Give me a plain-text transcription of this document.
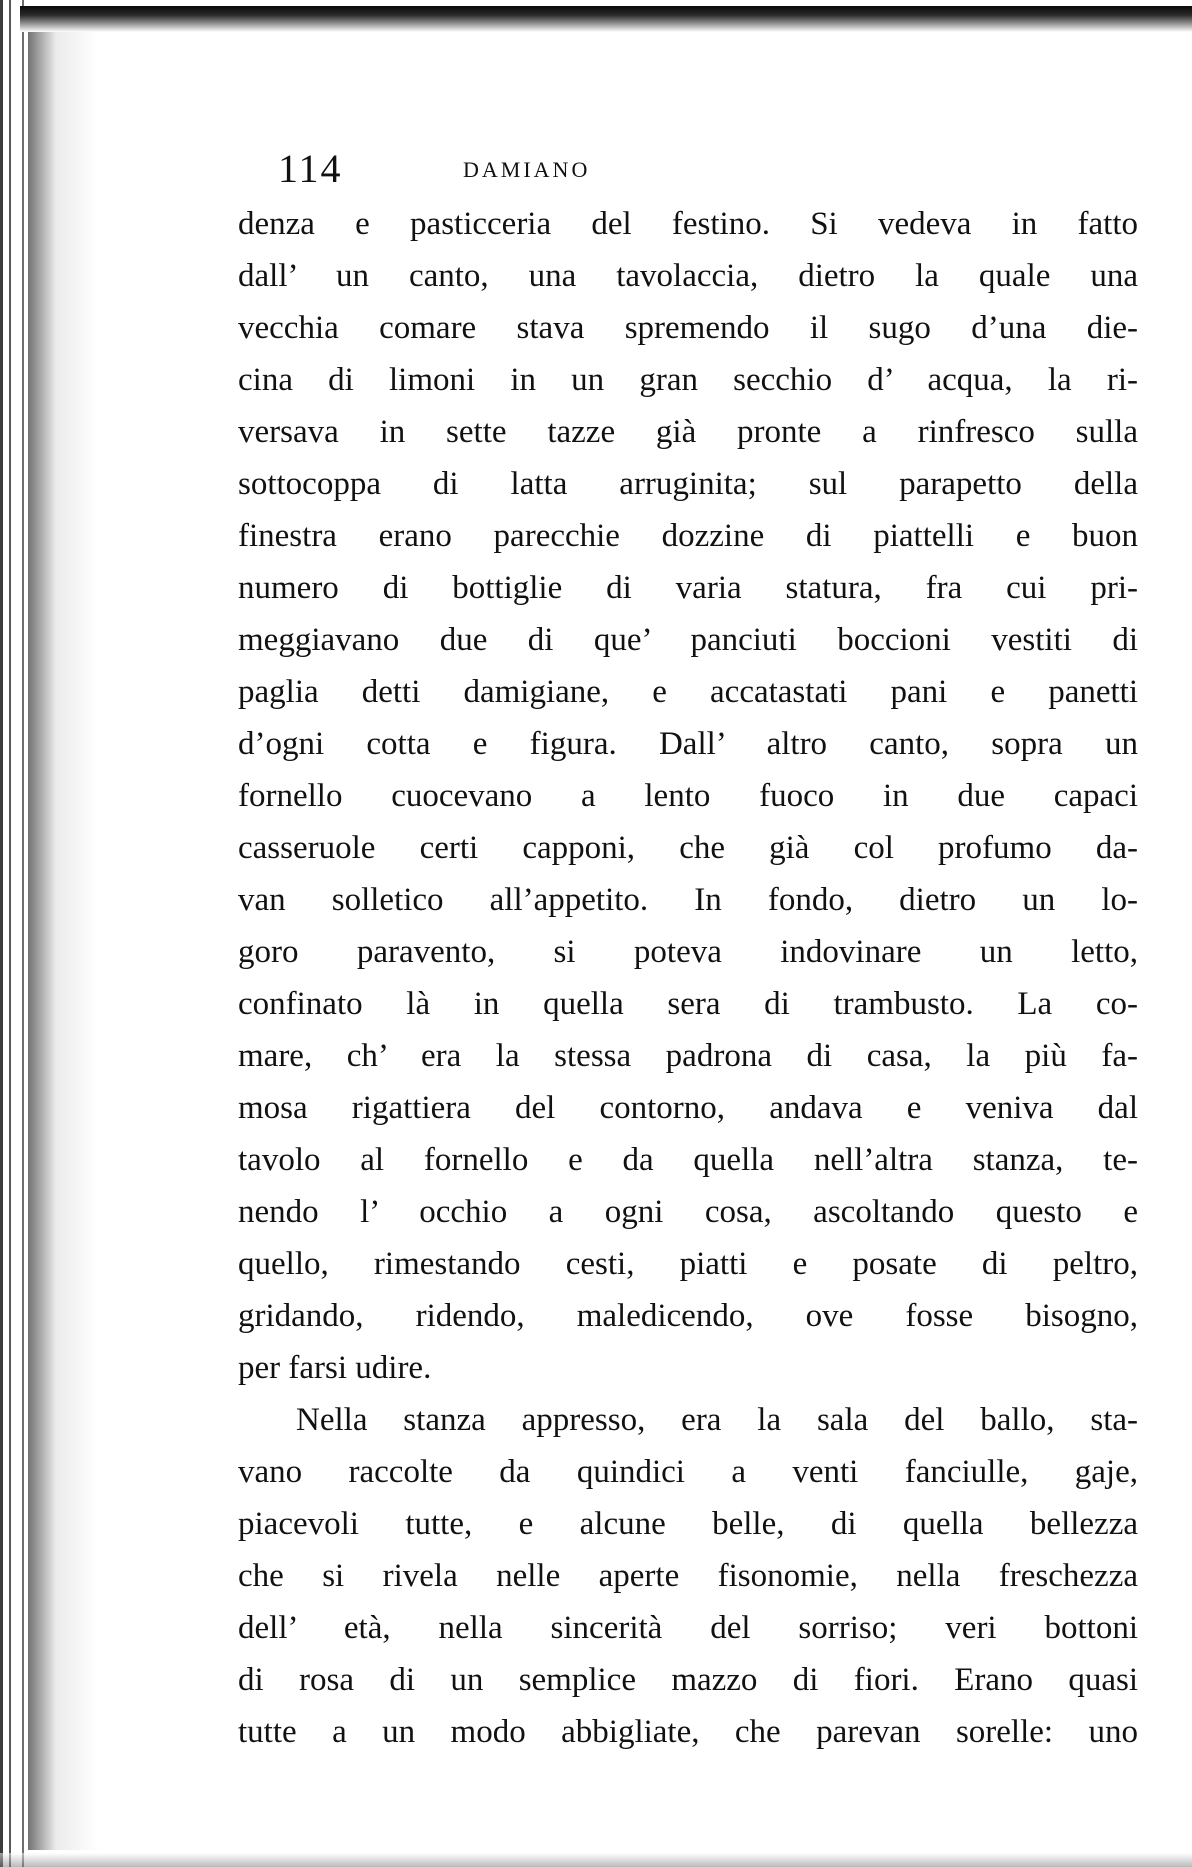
114	DAMIANO
denza e pasticceria del festino. Si vedeva in fatto
dall’ un canto, una tavolaccia, dietro la quale una
vecchia comare stava spremendo il sugo d’una die-
cina di limoni in un gran secchio d’ acqua, la ri-
versava in sette tazze già pronte a rinfresco sulla
sottocoppa di latta arruginita; sul parapetto della
finestra erano parecchie dozzine di piattelli e buon
numero di bottiglie di varia statura, fra cui pri-
meggiavano due di que’ panciuti boccioni vestiti di
paglia detti damigiane, e accatastati pani e panetti
d’ogni cotta e figura. Dall’ altro canto, sopra un
fornello cuocevano a lento fuoco in due capaci
casseruole certi capponi, che già col profumo da-
van solletico all’appetito. In fondo, dietro un lo-
goro paravento, si poteva indovinare un letto,
confinato là in quella sera di trambusto. La co-
mare, ch’ era la stessa padrona di casa, la più fa-
mosa rigattiera del contorno, andava e veniva dal
tavolo al fornello e da quella nell’altra stanza, te-
nendo l’ occhio a ogni cosa, ascoltando questo e
quello, rimestando cesti, piatti e posate di peltro,
gridando, ridendo, maledicendo, ove fosse bisogno,
per farsi udire.
Nella stanza appresso, era la sala del ballo, sta-
vano raccolte da quindici a venti fanciulle, gaje,
piacevoli tutte, e alcune belle, di quella bellezza
che si rivela nelle aperte fisonomie, nella freschezza
dell’ età, nella sincerità del sorriso; veri bottoni
di rosa di un semplice mazzo di fiori. Erano quasi
tutte a un modo abbigliate, che parevan sorelle: uno
